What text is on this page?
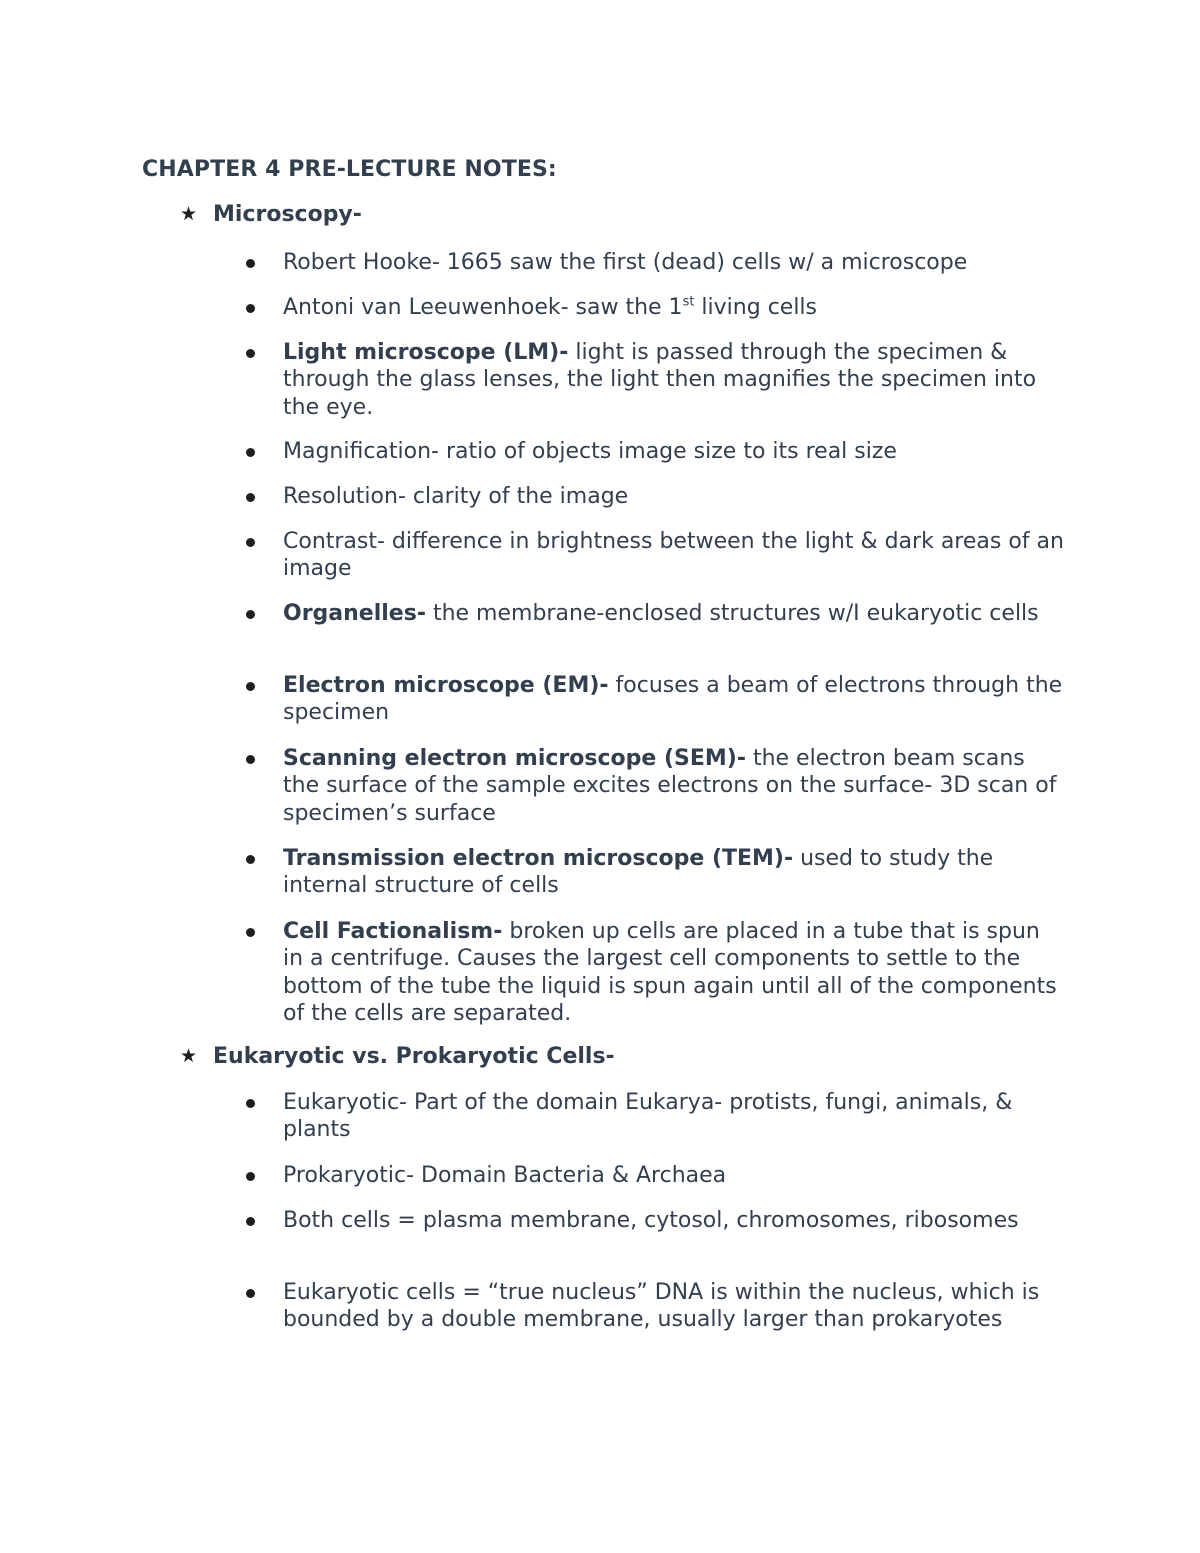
CHAPTER 4 PRE-LECTURE NOTES:
★ Microscopy-
Robert Hooke- 1665 saw the first (dead) cells w/ a microscope
Antoni van Leeuwenhoek- saw the 1st living cells
Light microscope (LM)- light is passed through the specimen & through the glass lenses, the light then magnifies the specimen into the eye.
Magnification- ratio of objects image size to its real size
Resolution- clarity of the image
Contrast- difference in brightness between the light & dark areas of an image
Organelles- the membrane-enclosed structures w/I eukaryotic cells
Electron microscope (EM)- focuses a beam of electrons through the specimen
Scanning electron microscope (SEM)- the electron beam scans the surface of the sample excites electrons on the surface- 3D scan of specimen’s surface
Transmission electron microscope (TEM)- used to study the internal structure of cells
Cell Factionalism- broken up cells are placed in a tube that is spun in a centrifuge. Causes the largest cell components to settle to the bottom of the tube the liquid is spun again until all of the components of the cells are separated.
★ Eukaryotic vs. Prokaryotic Cells-
Eukaryotic- Part of the domain Eukarya- protists, fungi, animals, & plants
Prokaryotic- Domain Bacteria & Archaea
Both cells = plasma membrane, cytosol, chromosomes, ribosomes
Eukaryotic cells = “true nucleus” DNA is within the nucleus, which is bounded by a double membrane, usually larger than prokaryotes
